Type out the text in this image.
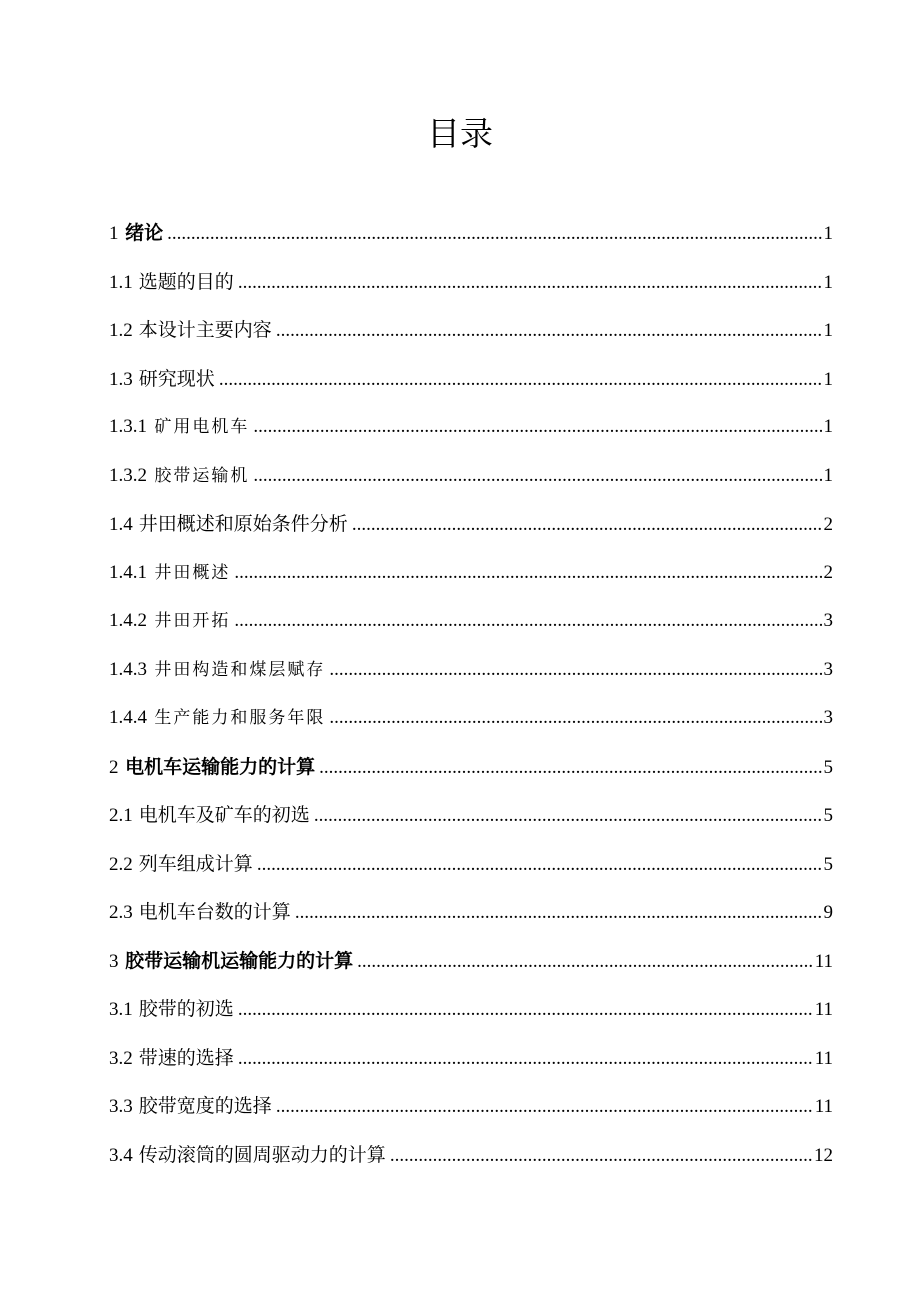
目录
1 绪论 .....	1
1.1 选题的目的 .....	1
1.2 本设计主要内容 .....	1
1.3 研究现状 .....	1
1.3.1 矿用电机车 .....	1
1.3.2 胶带运输机 .....	1
1.4 井田概述和原始条件分析 .....	2
1.4.1 井田概述 .....	2
1.4.2 井田开拓 .....	3
1.4.3 井田构造和煤层赋存 .....	3
1.4.4 生产能力和服务年限 .....	3
2 电机车运输能力的计算 .....	5
2.1 电机车及矿车的初选 .....	5
2.2 列车组成计算 .....	5
2.3 电机车台数的计算 .....	9
3 胶带运输机运输能力的计算 .....	11
3.1 胶带的初选 .....	11
3.2 带速的选择 .....	11
3.3 胶带宽度的选择 .....	11
3.4 传动滚筒的圆周驱动力的计算 .....	12
